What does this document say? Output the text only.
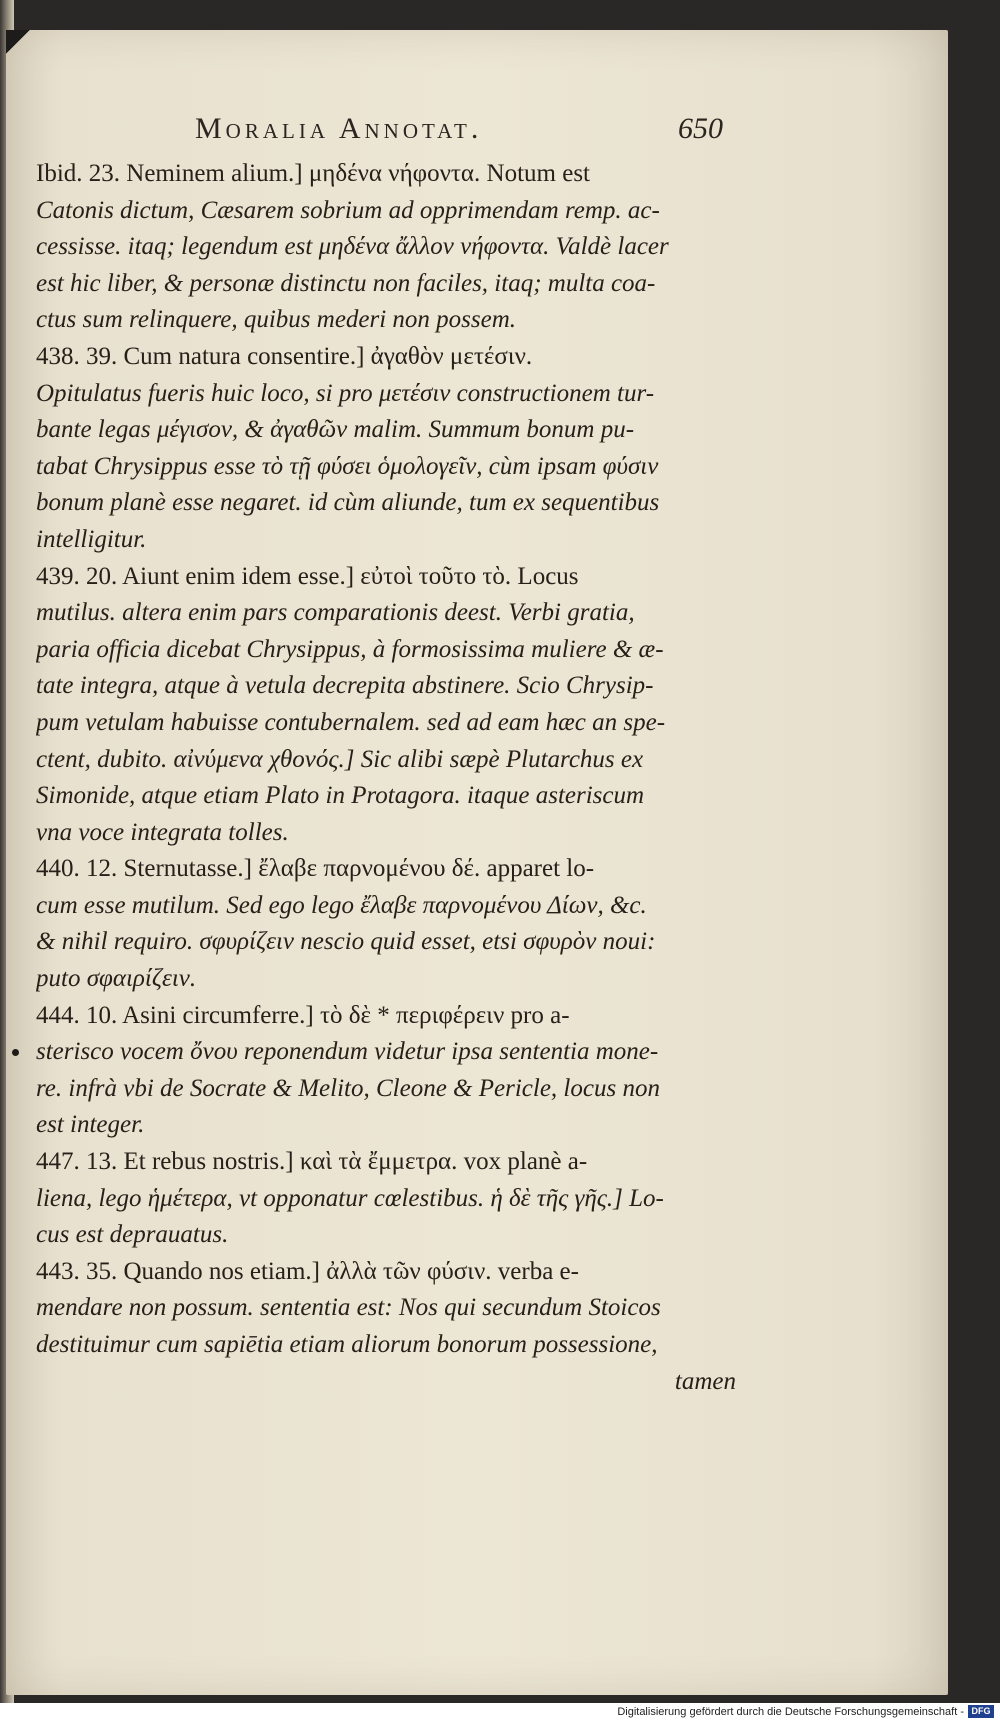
Moralia Annotat.	650
Ibid. 23. Neminem alium.] μηδένα νήφοντα. Notum est
Catonis dictum, Cæsarem sobrium ad opprimendam remp. ac-
cessisse. itaq; legendum est μηδένα ἄλλον νήφοντα. Valdè lacer
est hic liber, & personæ distinctu non faciles, itaq; multa coa-
ctus sum relinquere, quibus mederi non possem.
438. 39. Cum natura consentire.] ἀγαθὸν μετέσιν.
Opitulatus fueris huic loco, si pro μετέσιν constructionem tur-
bante legas μέγισον, & ἀγαθῶν malim. Summum bonum pu-
tabat Chrysippus esse τὸ τῇ φύσει ὁμολογεῖν, cùm ipsam φύσιν
bonum planè esse negaret. id cùm aliunde, tum ex sequentibus
intelligitur.
439. 20. Aiunt enim idem esse.] εὐτοὶ τοῦτο τὸ. Locus
mutilus. altera enim pars comparationis deest. Verbi gratia,
paria officia dicebat Chrysippus, à formosissima muliere & æ-
tate integra, atque à vetula decrepita abstinere. Scio Chrysip-
pum vetulam habuisse contubernalem. sed ad eam hæc an spe-
ctent, dubito. αἰνύμενα χθονός.] Sic alibi sæpè Plutarchus ex
Simonide, atque etiam Plato in Protagora. itaque asteriscum
vna voce integrata tolles.
440. 12. Sternutasse.] ἔλαβε παρνομένου δέ. apparet lo-
cum esse mutilum. Sed ego lego ἔλαβε παρνομένου Δίων, &c.
& nihil requiro. σφυρίζειν nescio quid esset, etsi σφυρὸν noui:
puto σφαιρίζειν.
444. 10. Asini circumferre.] τὸ δὲ * περιφέρειν pro a-
sterisco vocem ὄνου reponendum videtur ipsa sententia mone-
re. infrà vbi de Socrate & Melito, Cleone & Pericle, locus non
est integer.
447. 13. Et rebus nostris.] καὶ τὰ ἔμμετρα. vox planè a-
liena, lego ἡμέτερα, vt opponatur cœlestibus. ἡ δὲ τῆς γῆς.] Lo-
cus est deprauatus.
443. 35. Quando nos etiam.] ἀλλὰ τῶν φύσιν. verba e-
mendare non possum. sententia est: Nos qui secundum Stoicos
destituimur cum sapiētia etiam aliorum bonorum possessione,
tamen
Digitalisierung gefördert durch die Deutsche Forschungsgemeinschaft - DFG
